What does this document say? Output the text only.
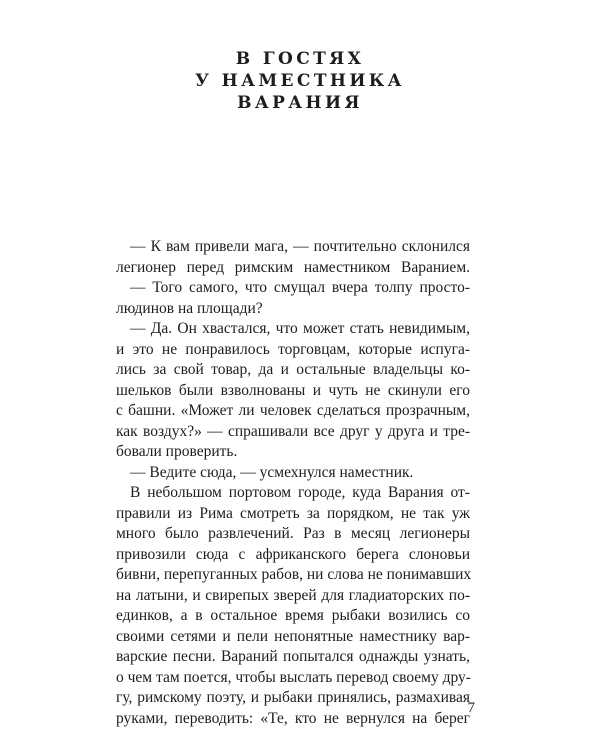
В ГОСТЯХ
У НАМЕСТНИКА
ВАРАНИЯ
— К вам привели мага, — почтительно склонился
легионер перед римским наместником Варанием.
— Того самого, что смущал вчера толпу просто-
людинов на площади?
— Да. Он хвастался, что может стать невидимым,
и это не понравилось торговцам, которые испуга-
лись за свой товар, да и остальные владельцы ко-
шельков были взволнованы и чуть не скинули его
с башни. «Может ли человек сделаться прозрачным,
как воздух?» — спрашивали все друг у друга и тре-
бовали проверить.
— Ведите сюда, — усмехнулся наместник.
В небольшом портовом городе, куда Варания от-
правили из Рима смотреть за порядком, не так уж
много было развлечений. Раз в месяц легионеры
привозили сюда с африканского берега слоновьи
бивни, перепуганных рабов, ни слова не понимавших
на латыни, и свирепых зверей для гладиаторских по-
единков, а в остальное время рыбаки возились со
своими сетями и пели непонятные наместнику вар-
варские песни. Вараний попытался однажды узнать,
о чем там поется, чтобы выслать перевод своему дру-
гу, римскому поэту, и рыбаки принялись, размахивая
руками, переводить: «Те, кто не вернулся на берег
7
